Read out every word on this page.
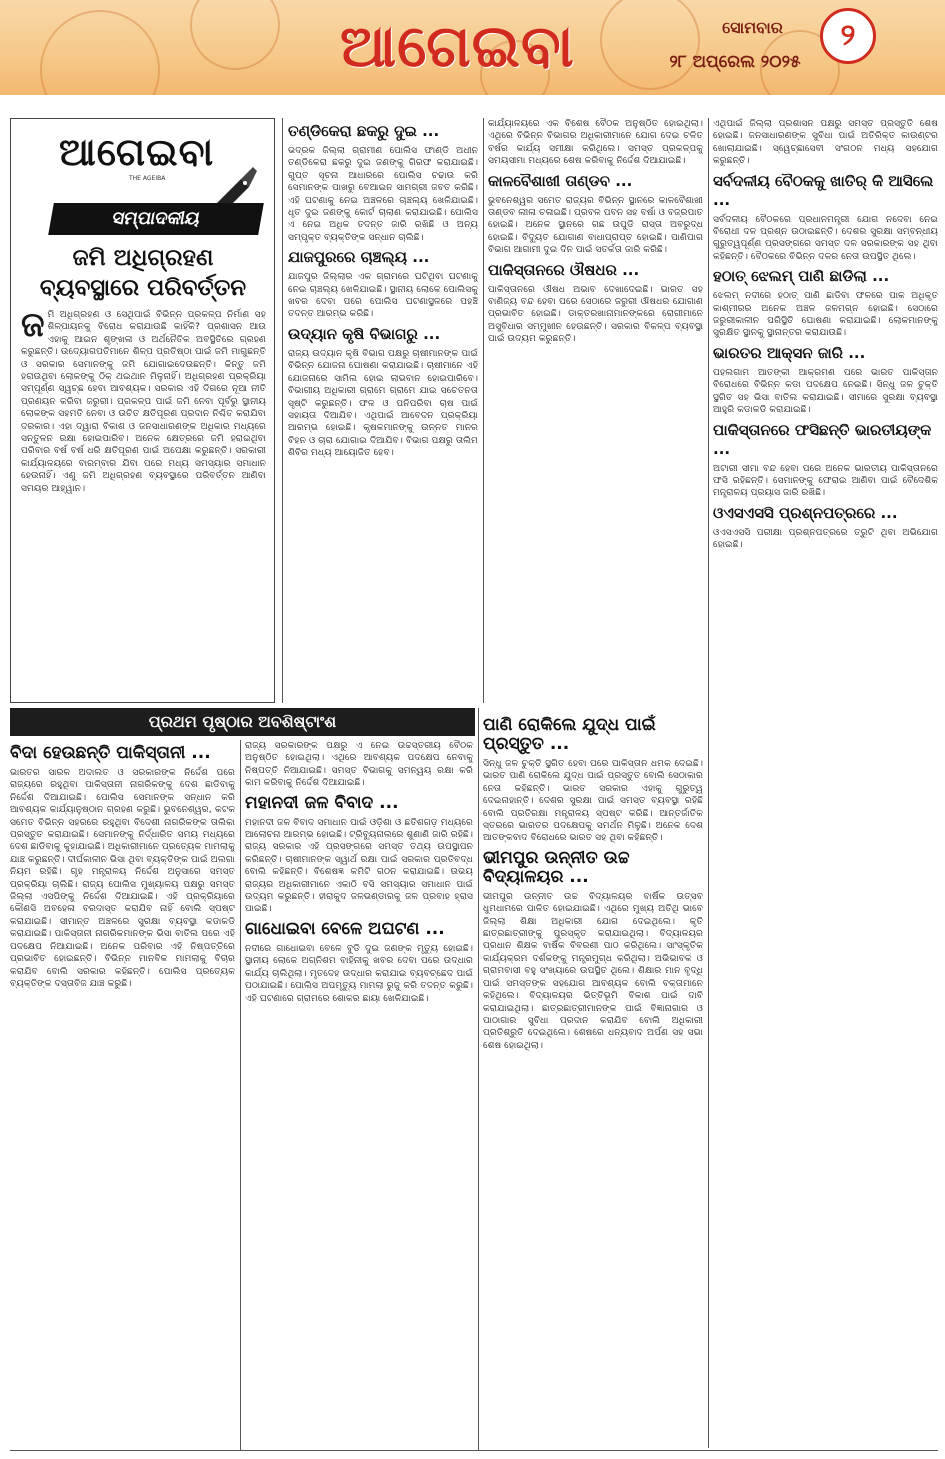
ଆଗେଇବା	ସୋମବାର
୨୮ ଅପ୍ରେଲ ୨୦୨୫
୨
ଆଗେଇବା
THE AGEIBA
ସମ୍ପାଦକୀୟ
ଜମି ଅଧିଗ୍ରହଣ ବ୍ୟବସ୍ଥାରେ ପରିବର୍ତ୍ତନ
ଜ ମି ଅଧିଗ୍ରହଣ ଓ ସେଥିପାଇଁ ବିଭିନ୍ନ ପ୍ରକଳ୍ପ ନିର୍ମାଣ ସହ ଶିଳ୍ପାୟନକୁ ବିରୋଧ କରାଯାଉଛି କାହିଁକି? ପ୍ରଶାସନ ଆଉ ଏହାକୁ ଆଇନ ଶୃଙ୍ଖଳା ଓ ଅର୍ଥନୈତିକ ଅବସ୍ଥିତିରେ ଗ୍ରହଣ କରୁଛନ୍ତି। ଉଦ୍ୟୋଗପତିମାନେ ଶିଳ୍ପ ପ୍ରତିଷ୍ଠା ପାଇଁ ଜମି ମାଗୁଛନ୍ତି ଓ ସରକାର ସେମାନଙ୍କୁ ଜମି ଯୋଗାଇଦେଉଛନ୍ତି। କିନ୍ତୁ ଜମି ହରାଉଥିବା ଲୋକଙ୍କୁ ଠିକ୍ ଥଇଥାନ ମିଳୁନାହିଁ। ଅଧିଗ୍ରହଣ ପ୍ରକ୍ରିୟା ସମ୍ପୂର୍ଣ୍ଣ ସ୍ୱଚ୍ଛ ହେବା ଆବଶ୍ୟକ। ସରକାର ଏହି ଦିଗରେ ନୂଆ ନୀତି ପ୍ରଣୟନ କରିବା ଜରୁରୀ। ପ୍ରକଳ୍ପ ପାଇଁ ଜମି ନେବା ପୂର୍ବରୁ ସ୍ଥାନୀୟ ଲୋକଙ୍କ ସହମତି ନେବା ଓ ଉଚିତ କ୍ଷତିପୂରଣ ପ୍ରଦାନ ନିଶ୍ଚିତ କରାଯିବା ଦରକାର। ଏହା ଦ୍ୱାରା ବିକାଶ ଓ ଜନସାଧାରଣଙ୍କ ଅଧିକାର ମଧ୍ୟରେ ସନ୍ତୁଳନ ରକ୍ଷା ହୋଇପାରିବ। ଅନେକ କ୍ଷେତ୍ରରେ ଜମି ହରାଇଥିବା ପରିବାର ବର୍ଷ ବର୍ଷ ଧରି କ୍ଷତିପୂରଣ ପାଇଁ ଅପେକ୍ଷା କରୁଛନ୍ତି। ସରକାରୀ କାର୍ଯ୍ୟାଳୟରେ ବାରମ୍ବାର ଯିବା ପରେ ମଧ୍ୟ ସମସ୍ୟାର ସମାଧାନ ହେଉନାହିଁ। ଏଣୁ ଜମି ଅଧିଗ୍ରହଣ ବ୍ୟବସ୍ଥାରେ ପରିବର୍ତ୍ତନ ଆଣିବା ସମୟର ଆହ୍ୱାନ।
ତଣ୍ଡିକେରା ଛକରୁ ଦୁଇ ...
ଭଦ୍ରକ ଜିଲ୍ଲା ଗ୍ରାମୀଣ ପୋଲିସ ଫାଣ୍ଡି ଅଧୀନ ତଣ୍ଡିକେରା ଛକରୁ ଦୁଇ ଜଣଙ୍କୁ ଗିରଫ କରାଯାଇଛି। ଗୁପ୍ତ ସୂଚନା ଆଧାରରେ ପୋଲିସ ଚଢାଉ କରି ସେମାନଙ୍କ ପାଖରୁ ବେଆଇନ ସାମଗ୍ରୀ ଜବତ କରିଛି। ଏହି ଘଟଣାକୁ ନେଇ ଅଞ୍ଚଳରେ ଚାଞ୍ଚଲ୍ୟ ଖେଳିଯାଇଛି। ଧୃତ ଦୁଇ ଜଣଙ୍କୁ କୋର୍ଟ ଚାଲାଣ କରାଯାଇଛି। ପୋଲିସ ଏ ନେଇ ଅଧିକ ତଦନ୍ତ ଜାରି ରଖିଛି ଓ ଅନ୍ୟ ସମ୍ପୃକ୍ତ ବ୍ୟକ୍ତିଙ୍କ ସନ୍ଧାନ ଚାଲିଛି।
ଯାଜପୁରରେ ଚାଞ୍ଚଲ୍ୟ ...
ଯାଜପୁର ଜିଲ୍ଲାର ଏକ ଗ୍ରାମରେ ଘଟିଥିବା ଘଟଣାକୁ ନେଇ ଚାଞ୍ଚଲ୍ୟ ଖେଳିଯାଇଛି। ସ୍ଥାନୀୟ ଲୋକେ ପୋଲିସକୁ ଖବର ଦେବା ପରେ ପୋଲିସ ଘଟଣାସ୍ଥଳରେ ପହଞ୍ଚି ତଦନ୍ତ ଆରମ୍ଭ କରିଛି।
ଉଦ୍ୟାନ କୃଷି ବିଭାଗରୁ ...
ରାଜ୍ୟ ଉଦ୍ୟାନ କୃଷି ବିଭାଗ ପକ୍ଷରୁ ଚାଷୀମାନଙ୍କ ପାଇଁ ବିଭିନ୍ନ ଯୋଜନା ଘୋଷଣା କରାଯାଇଛି। ଚାଷୀମାନେ ଏହି ଯୋଜନାରେ ସାମିଲ ହୋଇ ଲାଭବାନ ହୋଇପାରିବେ। ବିଭାଗୀୟ ଅଧିକାରୀ ଗ୍ରାମେ ଗ୍ରାମେ ଯାଇ ସଚେତନତା ସୃଷ୍ଟି କରୁଛନ୍ତି। ଫଳ ଓ ପନିପରିବା ଚାଷ ପାଇଁ ସହାୟତା ଦିଆଯିବ। ଏଥିପାଇଁ ଆବେଦନ ପ୍ରକ୍ରିୟା ଆରମ୍ଭ ହୋଇଛି। କୃଷକମାନଙ୍କୁ ଉନ୍ନତ ମାନର ବିହନ ଓ ଚାରା ଯୋଗାଇ ଦିଆଯିବ। ବିଭାଗ ପକ୍ଷରୁ ତାଲିମ ଶିବିର ମଧ୍ୟ ଆୟୋଜିତ ହେବ।
କାର୍ଯ୍ୟାଳୟରେ ଏକ ବିଶେଷ ବୈଠକ ଅନୁଷ୍ଠିତ ହୋଇଥିଲା। ଏଥିରେ ବିଭିନ୍ନ ବିଭାଗର ଅଧିକାରୀମାନେ ଯୋଗ ଦେଇ ଚଳିତ ବର୍ଷର କାର୍ଯ୍ୟ ସମୀକ୍ଷା କରିଥିଲେ। ସମସ୍ତ ପ୍ରକଳ୍ପକୁ ସମୟସୀମା ମଧ୍ୟରେ ଶେଷ କରିବାକୁ ନିର୍ଦ୍ଦେଶ ଦିଆଯାଇଛି।
କାଳବୈଶାଖୀ ତାଣ୍ଡବ ...
ଭୁବନେଶ୍ୱର ସମେତ ରାଜ୍ୟର ବିଭିନ୍ନ ସ୍ଥାନରେ କାଳବୈଶାଖୀ ତାଣ୍ଡବ ଲୀଳା ଚଳାଇଛି। ପ୍ରବଳ ପବନ ସହ ବର୍ଷା ଓ ବଜ୍ରପାତ ହୋଇଛି। ଅନେକ ସ୍ଥାନରେ ଗଛ ଉପୁଡି ରାସ୍ତା ଅବରୁଦ୍ଧ ହୋଇଛି। ବିଦ୍ୟୁତ ଯୋଗାଣ ବାଧାପ୍ରାପ୍ତ ହୋଇଛି। ପାଣିପାଗ ବିଭାଗ ଆଗାମୀ ଦୁଇ ଦିନ ପାଇଁ ସତର୍କତା ଜାରି କରିଛି।
ପାକିସ୍ତାନରେ ଔଷଧର ...
ପାକିସ୍ତାନରେ ଔଷଧ ଅଭାବ ଦେଖାଦେଇଛି। ଭାରତ ସହ ବାଣିଜ୍ୟ ବନ୍ଦ ହେବା ପରେ ସେଠାରେ ଜରୁରୀ ଔଷଧର ଯୋଗାଣ ପ୍ରଭାବିତ ହୋଇଛି। ଡାକ୍ତରଖାନାମାନଙ୍କରେ ରୋଗୀମାନେ ଅସୁବିଧାର ସମ୍ମୁଖୀନ ହେଉଛନ୍ତି। ସରକାର ବିକଳ୍ପ ବ୍ୟବସ୍ଥା ପାଇଁ ଉଦ୍ୟମ କରୁଛନ୍ତି।
ଏଥିପାଇଁ ଜିଲ୍ଲା ପ୍ରଶାସନ ପକ୍ଷରୁ ସମସ୍ତ ପ୍ରସ୍ତୁତି ଶେଷ ହୋଇଛି। ଜନସାଧାରଣଙ୍କ ସୁବିଧା ପାଇଁ ଅତିରିକ୍ତ କାଉଣ୍ଟର ଖୋଲାଯାଇଛି। ସ୍ୱେଚ୍ଛାସେବୀ ସଂଗଠନ ମଧ୍ୟ ସହଯୋଗ କରୁଛନ୍ତି।
ସର୍ବଦଳୀୟ ବୈଠକକୁ ଖାତିର୍ କି ଆସିଲେ ...
ସର୍ବଦଳୀୟ ବୈଠକରେ ପ୍ରଧାନମନ୍ତ୍ରୀ ଯୋଗ ନଦେବା ନେଇ ବିରୋଧୀ ଦଳ ପ୍ରଶ୍ନ ଉଠାଇଛନ୍ତି। ଦେଶର ସୁରକ୍ଷା ସମ୍ବନ୍ଧୀୟ ଗୁରୁତ୍ୱପୂର୍ଣ୍ଣ ପ୍ରସଙ୍ଗରେ ସମସ୍ତ ଦଳ ସରକାରଙ୍କ ସହ ଥିବା କହିଛନ୍ତି। ବୈଠକରେ ବିଭିନ୍ନ ଦଳର ନେତା ଉପସ୍ଥିତ ଥିଲେ।
ହଠାତ୍ ଝେଲମ୍ ପାଣି ଛାଡିଲା ...
ଝେଲମ୍ ନଦୀରେ ହଠାତ୍ ପାଣି ଛାଡିବା ଫଳରେ ପାକ ଅଧିକୃତ କାଶ୍ମୀରର ଅନେକ ଅଞ୍ଚଳ ଜଳମଗ୍ନ ହୋଇଛି। ସେଠାରେ ଜରୁରୀକାଳୀନ ପରିସ୍ଥିତି ଘୋଷଣା କରାଯାଇଛି। ଲୋକମାନଙ୍କୁ ସୁରକ୍ଷିତ ସ୍ଥାନକୁ ସ୍ଥାନାନ୍ତର କରାଯାଉଛି।
ଭାରତର ଆକ୍ସନ ଜାରି ...
ପହଲଗାମ ଆତଙ୍କୀ ଆକ୍ରମଣ ପରେ ଭାରତ ପାକିସ୍ତାନ ବିରୋଧରେ ବିଭିନ୍ନ କଡା ପଦକ୍ଷେପ ନେଇଛି। ସିନ୍ଧୁ ଜଳ ଚୁକ୍ତି ସ୍ଥଗିତ ସହ ଭିସା ବାତିଲ କରାଯାଇଛି। ସୀମାରେ ସୁରକ୍ଷା ବ୍ୟବସ୍ଥା ଆହୁରି କଡାକଡି କରାଯାଇଛି।
ପାକିସ୍ତାନରେ ଫସିଛନ୍ତି ଭାରତୀୟଙ୍କ ...
ଅଟାରୀ ସୀମା ବନ୍ଦ ହେବା ପରେ ଅନେକ ଭାରତୀୟ ପାକିସ୍ତାନରେ ଫସି ରହିଛନ୍ତି। ସେମାନଙ୍କୁ ଫେରାଇ ଆଣିବା ପାଇଁ ବୈଦେଶିକ ମନ୍ତ୍ରାଳୟ ପ୍ରୟାସ ଜାରି ରଖିଛି।
ଓଏସଏସସି ପ୍ରଶ୍ନପତ୍ରରେ ...
ଓଏସଏସସି ପରୀକ୍ଷା ପ୍ରଶ୍ନପତ୍ରରେ ତ୍ରୁଟି ଥିବା ଅଭିଯୋଗ ହୋଇଛି।
ପ୍ରଥମ ପୃଷ୍ଠାର ଅବଶିଷ୍ଟାଂଶ
ବିଦା ହେଉଛନ୍ତି ପାକିସ୍ତାନୀ ...
ଭାରତର ସାରଳ ଅଦାଲତ ଓ ସରକାରଙ୍କ ନିର୍ଦ୍ଦେଶ ପରେ ରାଜ୍ୟରେ ରହୁଥିବା ପାକିସ୍ତାନୀ ନାଗରିକଙ୍କୁ ଦେଶ ଛାଡିବାକୁ ନିର୍ଦ୍ଦେଶ ଦିଆଯାଇଛି। ପୋଲିସ ସେମାନଙ୍କ ସନ୍ଧାନ କରି ଆବଶ୍ୟକ କାର୍ଯ୍ୟାନୁଷ୍ଠାନ ଗ୍ରହଣ କରୁଛି। ଭୁବନେଶ୍ୱର, କଟକ ସମେତ ବିଭିନ୍ନ ସହରରେ ରହୁଥିବା ବିଦେଶୀ ନାଗରିକଙ୍କ ତାଲିକା ପ୍ରସ୍ତୁତ କରାଯାଇଛି। ସେମାନଙ୍କୁ ନିର୍ଦ୍ଧାରିତ ସମୟ ମଧ୍ୟରେ ଦେଶ ଛାଡିବାକୁ କୁହାଯାଇଛି। ଅଧିକାରୀମାନେ ପ୍ରତ୍ୟେକ ମାମଲାକୁ ଯାଞ୍ଚ କରୁଛନ୍ତି। ଦୀର୍ଘକାଳୀନ ଭିସା ଥିବା ବ୍ୟକ୍ତିଙ୍କ ପାଇଁ ଅଲଗା ନିୟମ ରହିଛି। ଗୃହ ମନ୍ତ୍ରାଳୟ ନିର୍ଦ୍ଦେଶ ଅନୁସାରେ ସମସ୍ତ ପ୍ରକ୍ରିୟା ଚାଲିଛି। ରାଜ୍ୟ ପୋଲିସ ମୁଖ୍ୟାଳୟ ପକ୍ଷରୁ ସମସ୍ତ ଜିଲ୍ଲା ଏସପିଙ୍କୁ ନିର୍ଦ୍ଦେଶ ଦିଆଯାଇଛି। ଏହି ପ୍ରକ୍ରିୟାରେ କୌଣସି ଅବହେଳା ବରଦାସ୍ତ କରାଯିବ ନାହିଁ ବୋଲି ସ୍ପଷ୍ଟ କରାଯାଇଛି। ସୀମାନ୍ତ ଅଞ୍ଚଳରେ ସୁରକ୍ଷା ବ୍ୟବସ୍ଥା କଡାକଡି କରାଯାଇଛି। ପାକିସ୍ତାନୀ ନାଗରିକମାନଙ୍କ ଭିସା ବାତିଲ ପରେ ଏହି ପଦକ୍ଷେପ ନିଆଯାଇଛି। ଅନେକ ପରିବାର ଏହି ନିଷ୍ପତ୍ତିରେ ପ୍ରଭାବିତ ହୋଇଛନ୍ତି। ବିଭିନ୍ନ ମାନବିକ ମାମଲାକୁ ବିଚାର କରାଯିବ ବୋଲି ସରକାର କହିଛନ୍ତି। ପୋଲିସ ପ୍ରତ୍ୟେକ ବ୍ୟକ୍ତିଙ୍କ ଦସ୍ତାବିଜ ଯାଞ୍ଚ କରୁଛି।
ରାଜ୍ୟ ସରକାରଙ୍କ ପକ୍ଷରୁ ଏ ନେଇ ଉଚ୍ଚସ୍ତରୀୟ ବୈଠକ ଅନୁଷ୍ଠିତ ହୋଇଥିଲା। ଏଥିରେ ଆବଶ୍ୟକ ପଦକ୍ଷେପ ନେବାକୁ ନିଷ୍ପତ୍ତି ନିଆଯାଇଛି। ସମସ୍ତ ବିଭାଗକୁ ସମନ୍ୱୟ ରକ୍ଷା କରି କାମ କରିବାକୁ ନିର୍ଦ୍ଦେଶ ଦିଆଯାଇଛି।
ମହାନଦୀ ଜଳ ବିବାଦ ...
ମହାନଦୀ ଜଳ ବିବାଦ ସମାଧାନ ପାଇଁ ଓଡ଼ିଶା ଓ ଛତିଶଗଡ଼ ମଧ୍ୟରେ ଆଲୋଚନା ଆରମ୍ଭ ହୋଇଛି। ଟ୍ରିବ୍ୟୁନାଲରେ ଶୁଣାଣି ଜାରି ରହିଛି। ରାଜ୍ୟ ସରକାର ଏହି ପ୍ରସଙ୍ଗରେ ସମସ୍ତ ତଥ୍ୟ ଉପସ୍ଥାପନ କରିଛନ୍ତି। ଚାଷୀମାନଙ୍କ ସ୍ୱାର୍ଥ ରକ୍ଷା ପାଇଁ ସରକାର ପ୍ରତିବଦ୍ଧ ବୋଲି କହିଛନ୍ତି। ବିଶେଷଜ୍ଞ କମିଟି ଗଠନ କରାଯାଇଛି। ଉଭୟ ରାଜ୍ୟର ଅଧିକାରୀମାନେ ଏକାଠି ବସି ସମସ୍ୟାର ସମାଧାନ ପାଇଁ ଉଦ୍ୟମ କରୁଛନ୍ତି। ହୀରାକୁଦ ଜଳଭଣ୍ଡାରକୁ ଜଳ ପ୍ରବାହ ହ୍ରାସ ପାଇଛି।
ଗାଧୋଇବା ବେଳେ ଅଘଟଣ ...
ନଦୀରେ ଗାଧୋଇବା ବେଳେ ବୁଡି ଦୁଇ ଜଣଙ୍କ ମୃତ୍ୟୁ ହୋଇଛି। ସ୍ଥାନୀୟ ଲୋକେ ଅଗ୍ନିଶମ ବାହିନୀକୁ ଖବର ଦେବା ପରେ ଉଦ୍ଧାର କାର୍ଯ୍ୟ ଚାଲିଥିଲା। ମୃତଦେହ ଉଦ୍ଧାର କରାଯାଇ ବ୍ୟବଚ୍ଛେଦ ପାଇଁ ପଠାଯାଇଛି। ପୋଲିସ ଅପମୃତ୍ୟୁ ମାମଲା ରୁଜୁ କରି ତଦନ୍ତ କରୁଛି। ଏହି ଘଟଣାରେ ଗ୍ରାମରେ ଶୋକର ଛାୟା ଖେଳିଯାଇଛି।
ପାଣି ରୋକିଲେ ଯୁଦ୍ଧ ପାଇଁ ପ୍ରସ୍ତୁତ ...
ସିନ୍ଧୁ ଜଳ ଚୁକ୍ତି ସ୍ଥଗିତ ହେବା ପରେ ପାକିସ୍ତାନ ଧମକ ଦେଇଛି। ଭାରତ ପାଣି ରୋକିଲେ ଯୁଦ୍ଧ ପାଇଁ ପ୍ରସ୍ତୁତ ବୋଲି ସେଠାକାର ନେତା କହିଛନ୍ତି। ଭାରତ ସରକାର ଏହାକୁ ଗୁରୁତ୍ୱ ଦେଇନାହାନ୍ତି। ଦେଶର ସୁରକ୍ଷା ପାଇଁ ସମସ୍ତ ବ୍ୟବସ୍ଥା ରହିଛି ବୋଲି ପ୍ରତିରକ୍ଷା ମନ୍ତ୍ରାଳୟ ସ୍ପଷ୍ଟ କରିଛି। ଆନ୍ତର୍ଜାତିକ ସ୍ତରରେ ଭାରତର ପଦକ୍ଷେପକୁ ସମର୍ଥନ ମିଳୁଛି। ଅନେକ ଦେଶ ଆତଙ୍କବାଦ ବିରୋଧରେ ଭାରତ ସହ ଥିବା କହିଛନ୍ତି।
ଭୀମପୁର ଉନ୍ନୀତ ଉଚ୍ଚ ବିଦ୍ୟାଳୟର ...
ଭୀମପୁର ଉନ୍ନୀତ ଉଚ୍ଚ ବିଦ୍ୟାଳୟର ବାର୍ଷିକ ଉତ୍ସବ ଧୁମଧାମରେ ପାଳିତ ହୋଇଯାଇଛି। ଏଥିରେ ମୁଖ୍ୟ ଅତିଥି ଭାବେ ଜିଲ୍ଲା ଶିକ୍ଷା ଅଧିକାରୀ ଯୋଗ ଦେଇଥିଲେ। କୃତି ଛାତ୍ରଛାତ୍ରୀଙ୍କୁ ପୁରସ୍କୃତ କରାଯାଇଥିଲା। ବିଦ୍ୟାଳୟର ପ୍ରଧାନ ଶିକ୍ଷକ ବାର୍ଷିକ ବିବରଣୀ ପାଠ କରିଥିଲେ। ସାଂସ୍କୃତିକ କାର୍ଯ୍ୟକ୍ରମ ଦର୍ଶକଙ୍କୁ ମନ୍ତ୍ରମୁଗ୍ଧ କରିଥିଲା। ଅଭିଭାବକ ଓ ଗ୍ରାମବାସୀ ବହୁ ସଂଖ୍ୟାରେ ଉପସ୍ଥିତ ଥିଲେ। ଶିକ୍ଷାର ମାନ ବୃଦ୍ଧି ପାଇଁ ସମସ୍ତଙ୍କ ସହଯୋଗ ଆବଶ୍ୟକ ବୋଲି ବକ୍ତାମାନେ କହିଥିଲେ। ବିଦ୍ୟାଳୟର ଭିତ୍ତିଭୂମି ବିକାଶ ପାଇଁ ଦାବି କରାଯାଇଥିଲା। ଛାତ୍ରଛାତ୍ରୀମାନଙ୍କ ପାଇଁ ବିଜ୍ଞାନାଗାର ଓ ପାଠାଗାର ସୁବିଧା ପ୍ରଦାନ କରାଯିବ ବୋଲି ଅଧିକାରୀ ପ୍ରତିଶ୍ରୁତି ଦେଇଥିଲେ। ଶେଷରେ ଧନ୍ୟବାଦ ଅର୍ପଣ ସହ ସଭା ଶେଷ ହୋଇଥିଲା।
